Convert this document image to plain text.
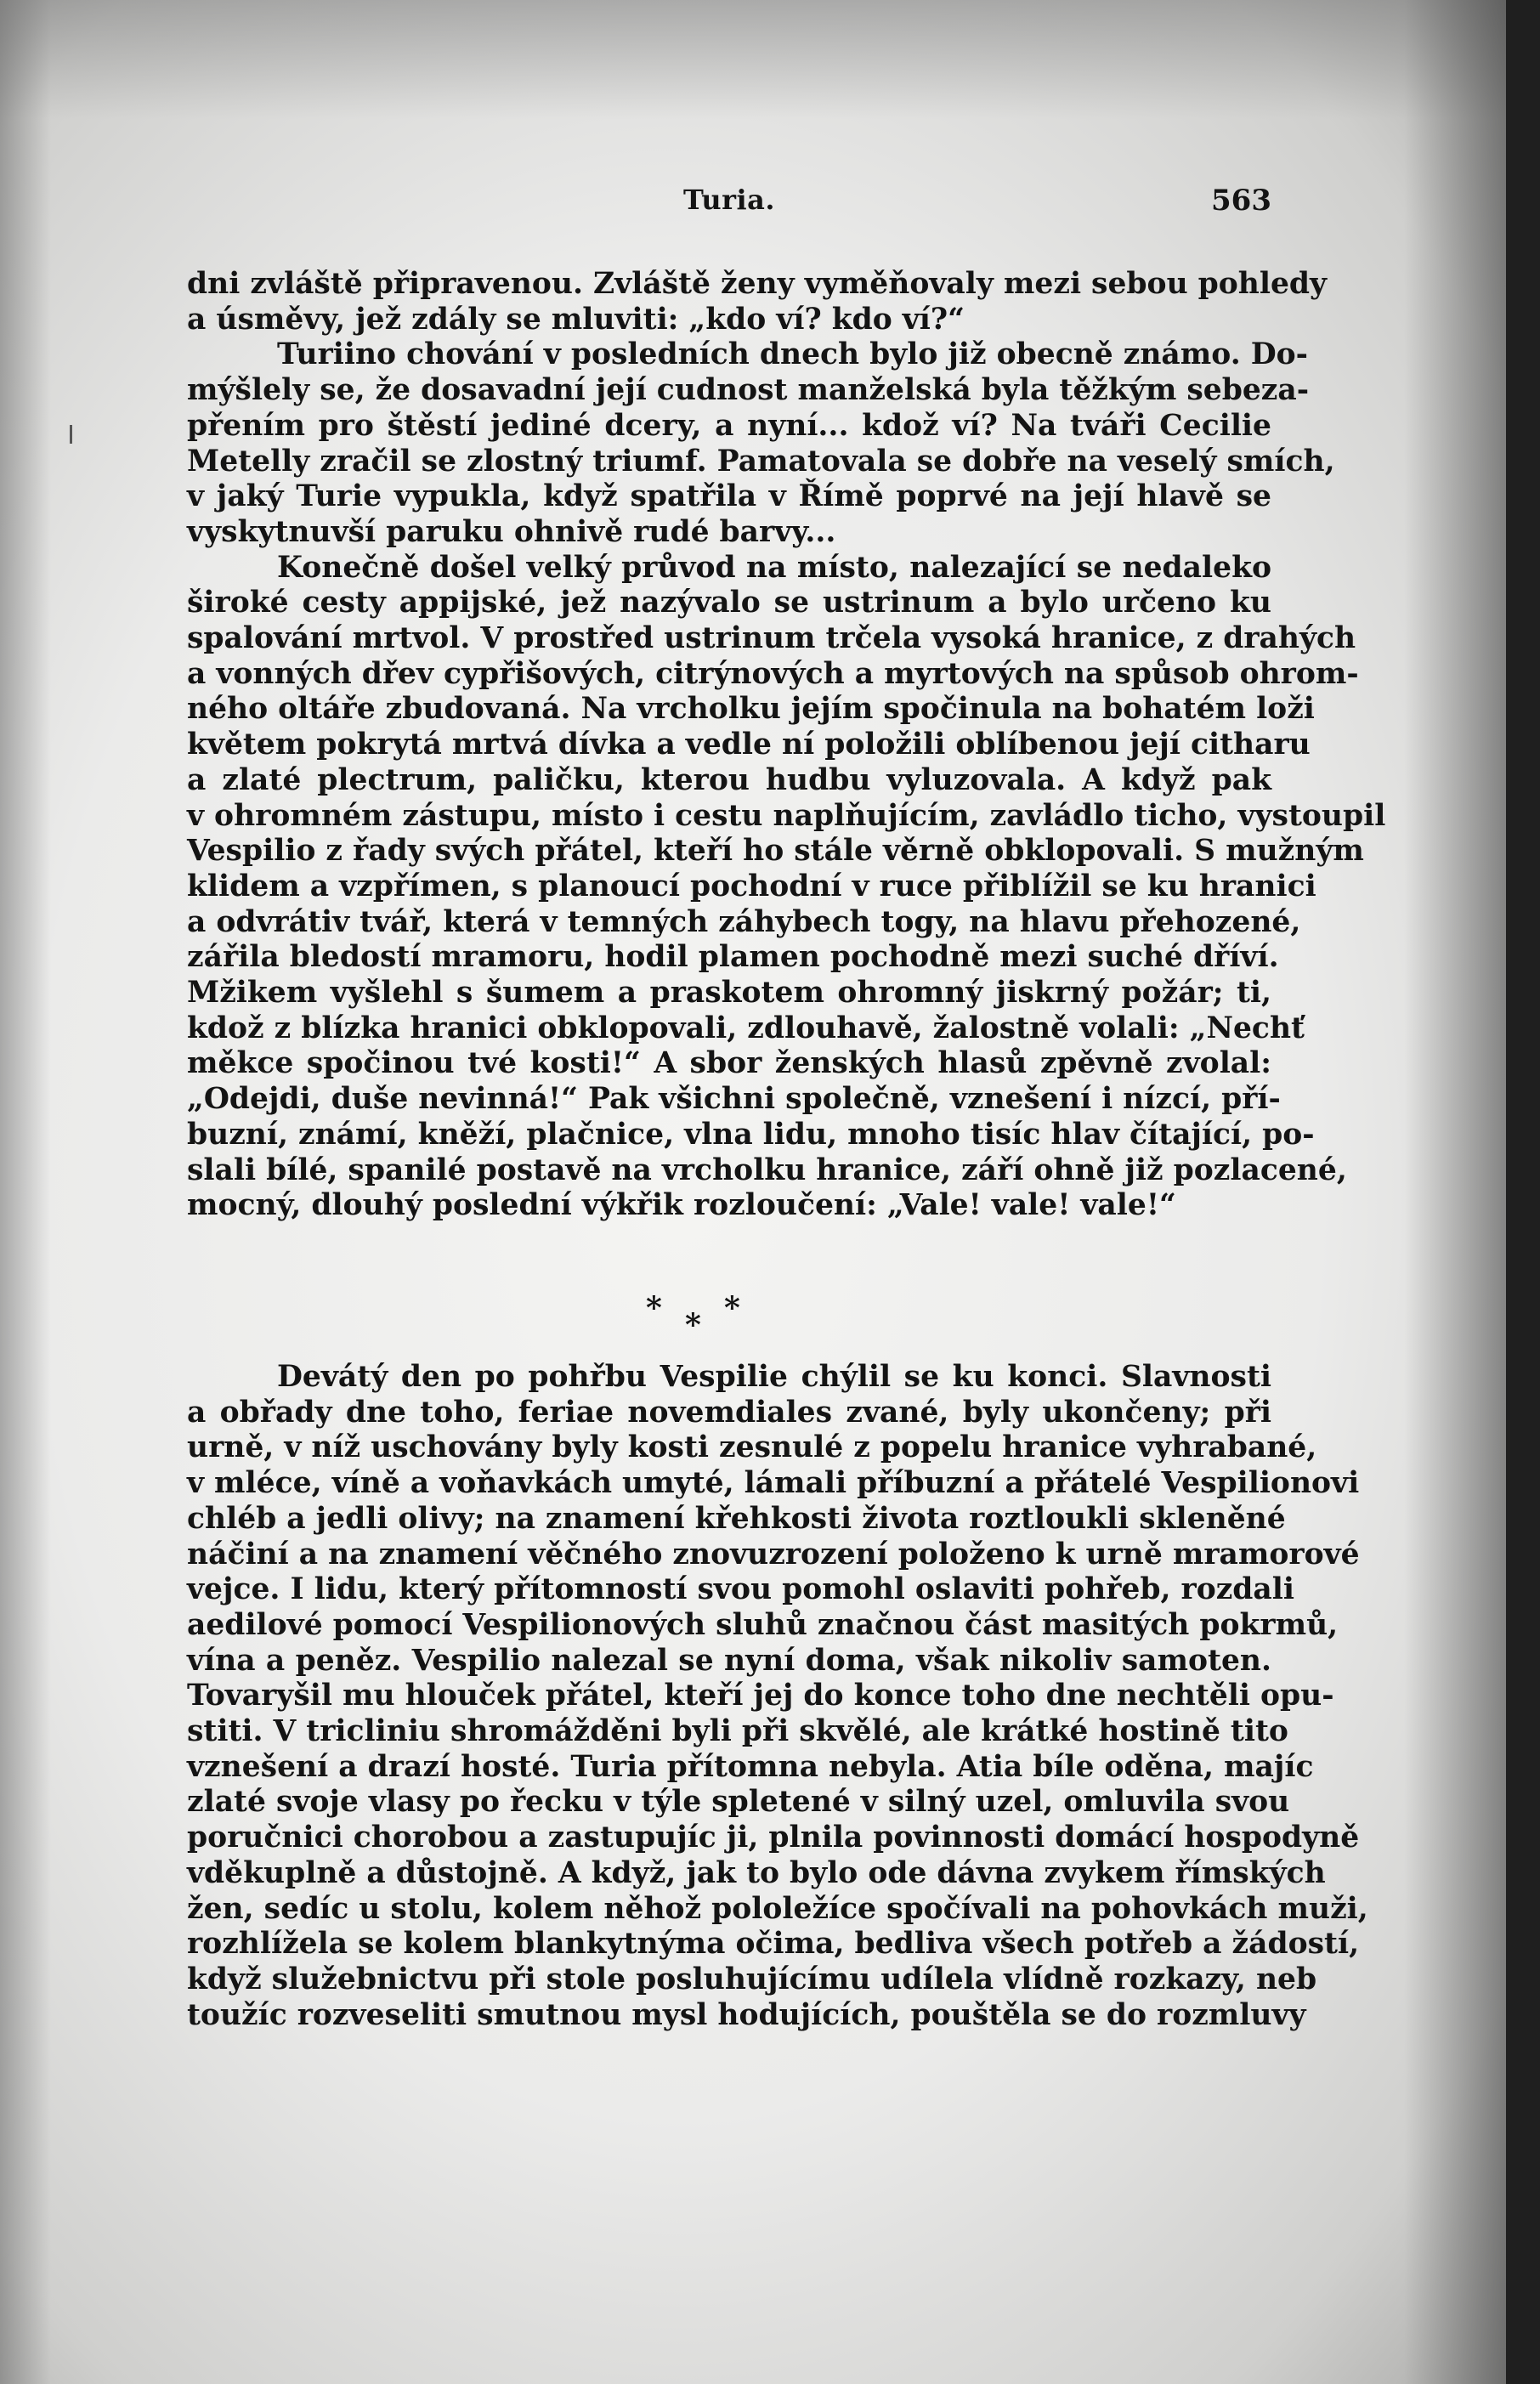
Turia.	563
dni zvláště připravenou. Zvláště ženy vyměňovaly mezi sebou pohledy
a úsměvy, jež zdály se mluviti: „kdo ví? kdo ví?“
Turiino chování v posledních dnech bylo již obecně známo. Do-
mýšlely se, že dosavadní její cudnost manželská byla těžkým sebeza-
přením pro štěstí jediné dcery, a nyní... kdož ví? Na tváři Cecilie
Metelly zračil se zlostný triumf. Pamatovala se dobře na veselý smích,
v jaký Turie vypukla, když spatřila v Římě poprvé na její hlavě se
vyskytnuvší paruku ohnivě rudé barvy...
Konečně došel velký průvod na místo, nalezající se nedaleko
široké cesty appijské, jež nazývalo se ustrinum a bylo určeno ku
spalování mrtvol. V prostřed ustrinum trčela vysoká hranice, z drahých
a vonných dřev cypřišových, citrýnových a myrtových na spůsob ohrom-
ného oltáře zbudovaná. Na vrcholku jejím spočinula na bohatém loži
květem pokrytá mrtvá dívka a vedle ní položili oblíbenou její citharu
a zlaté plectrum, paličku, kterou hudbu vyluzovala. A když pak
v ohromném zástupu, místo i cestu naplňujícím, zavládlo ticho, vystoupil
Vespilio z řady svých přátel, kteří ho stále věrně obklopovali. S mužným
klidem a vzpřímen, s planoucí pochodní v ruce přiblížil se ku hranici
a odvrátiv tvář, která v temných záhybech togy, na hlavu přehozené,
zářila bledostí mramoru, hodil plamen pochodně mezi suché dříví.
Mžikem vyšlehl s šumem a praskotem ohromný jiskrný požár; ti,
kdož z blízka hranici obklopovali, zdlouhavě, žalostně volali: „Nechť
měkce spočinou tvé kosti!“ A sbor ženských hlasů zpěvně zvolal:
„Odejdi, duše nevinná!“ Pak všichni společně, vznešení i nízcí, pří-
buzní, známí, kněží, plačnice, vlna lidu, mnoho tisíc hlav čítající, po-
slali bílé, spanilé postavě na vrcholku hranice, září ohně již pozlacené,
mocný, dlouhý poslední výkřik rozloučení: „Vale! vale! vale!“
* * *
Devátý den po pohřbu Vespilie chýlil se ku konci. Slavnosti
a obřady dne toho, feriae novemdiales zvané, byly ukončeny; při
urně, v níž uschovány byly kosti zesnulé z popelu hranice vyhrabané,
v mléce, víně a voňavkách umyté, lámali příbuzní a přátelé Vespilionovi
chléb a jedli olivy; na znamení křehkosti života roztloukli skleněné
náčiní a na znamení věčného znovuzrození položeno k urně mramorové
vejce. I lidu, který přítomností svou pomohl oslaviti pohřeb, rozdali
aedilové pomocí Vespilionových sluhů značnou část masitých pokrmů,
vína a peněz. Vespilio nalezal se nyní doma, však nikoliv samoten.
Tovaryšil mu hlouček přátel, kteří jej do konce toho dne nechtěli opu-
stiti. V tricliniu shromážděni byli při skvělé, ale krátké hostině tito
vznešení a drazí hosté. Turia přítomna nebyla. Atia bíle oděna, majíc
zlaté svoje vlasy po řecku v týle spletené v silný uzel, omluvila svou
poručnici chorobou a zastupujíc ji, plnila povinnosti domácí hospodyně
vděkuplně a důstojně. A když, jak to bylo ode dávna zvykem římských
žen, sedíc u stolu, kolem něhož pololežíce spočívali na pohovkách muži,
rozhlížela se kolem blankytnýma očima, bedliva všech potřeb a žádostí,
když služebnictvu při stole posluhujícímu udílela vlídně rozkazy, neb
toužíc rozveseliti smutnou mysl hodujících, pouštěla se do rozmluvy
